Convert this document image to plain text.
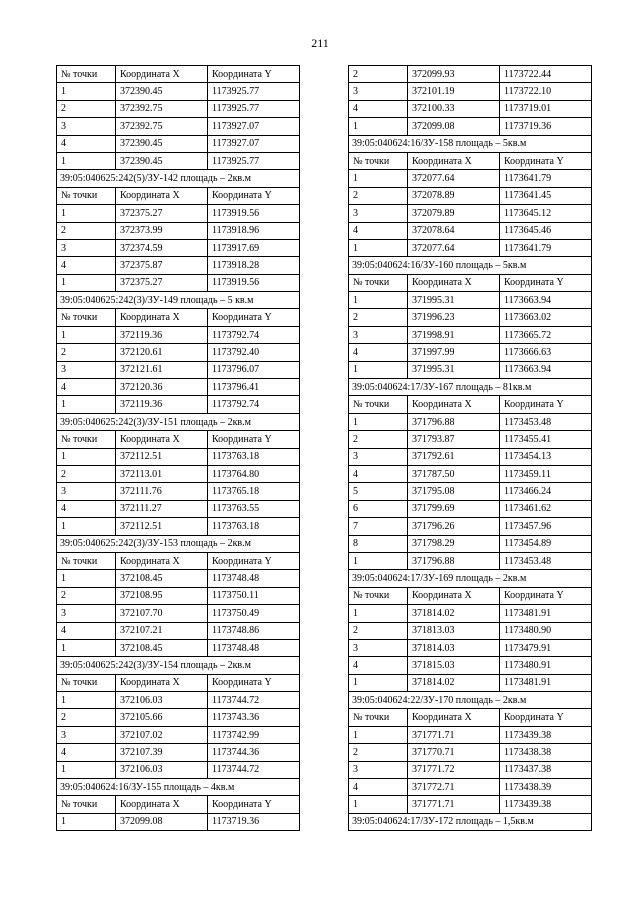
211
№ точки	Координата X	Координата Y
1	372390.45	1173925.77
2	372392.75	1173925.77
3	372392.75	1173927.07
4	372390.45	1173927.07
1	372390.45	1173925.77
39:05:040625:242(5)/ЗУ-142 площадь – 2кв.м		
№ точки	Координата X	Координата Y
1	372375.27	1173919.56
2	372373.99	1173918.96
3	372374.59	1173917.69
4	372375.87	1173918.28
1	372375.27	1173919.56
39:05:040625:242(3)/ЗУ-149 площадь – 5 кв.м		
№ точки	Координата X	Координата Y
1	372119.36	1173792.74
2	372120.61	1173792.40
3	372121.61	1173796.07
4	372120.36	1173796.41
1	372119.36	1173792.74
39:05:040625:242(3)/ЗУ-151 площадь – 2кв.м		
№ точки	Координата X	Координата Y
1	372112.51	1173763.18
2	372113.01	1173764.80
3	372111.76	1173765.18
4	372111.27	1173763.55
1	372112.51	1173763.18
39:05:040625:242(3)/ЗУ-153 площадь – 2кв.м		
№ точки	Координата X	Координата Y
1	372108.45	1173748.48
2	372108.95	1173750.11
3	372107.70	1173750.49
4	372107.21	1173748.86
1	372108.45	1173748.48
39:05:040625:242(3)/ЗУ-154 площадь – 2кв.м		
№ точки	Координата X	Координата Y
1	372106.03	1173744.72
2	372105.66	1173743.36
3	372107.02	1173742.99
4	372107.39	1173744.36
1	372106.03	1173744.72
39:05:040624:16/ЗУ-155 площадь – 4кв.м		
№ точки	Координата X	Координата Y
1	372099.08	1173719.36
2	372099.93	1173722.44
3	372101.19	1173722.10
4	372100.33	1173719.01
1	372099.08	1173719.36
39:05:040624:16/ЗУ-158 площадь – 5кв.м		
№ точки	Координата X	Координата Y
1	372077.64	1173641.79
2	372078.89	1173641.45
3	372079.89	1173645.12
4	372078.64	1173645.46
1	372077.64	1173641.79
39:05:040624:16/ЗУ-160 площадь – 5кв.м		
№ точки	Координата X	Координата Y
1	371995.31	1173663.94
2	371996.23	1173663.02
3	371998.91	1173665.72
4	371997.99	1173666.63
1	371995.31	1173663.94
39:05:040624:17/ЗУ-167 площадь – 81кв.м		
№ точки	Координата X	Координата Y
1	371796.88	1173453.48
2	371793.87	1173455.41
3	371792.61	1173454.13
4	371787.50	1173459.11
5	371795.08	1173466.24
6	371799.69	1173461.62
7	371796.26	1173457.96
8	371798.29	1173454.89
1	371796.88	1173453.48
39:05:040624:17/ЗУ-169 площадь – 2кв.м		
№ точки	Координата X	Координата Y
1	371814.02	1173481.91
2	371813.03	1173480.90
3	371814.03	1173479.91
4	371815.03	1173480.91
1	371814.02	1173481.91
39:05:040624:22/ЗУ-170 площадь – 2кв.м		
№ точки	Координата X	Координата Y
1	371771.71	1173439.38
2	371770.71	1173438.38
3	371771.72	1173437.38
4	371772.71	1173438.39
1	371771.71	1173439.38
39:05:040624:17/ЗУ-172 площадь – 1,5кв.м		
